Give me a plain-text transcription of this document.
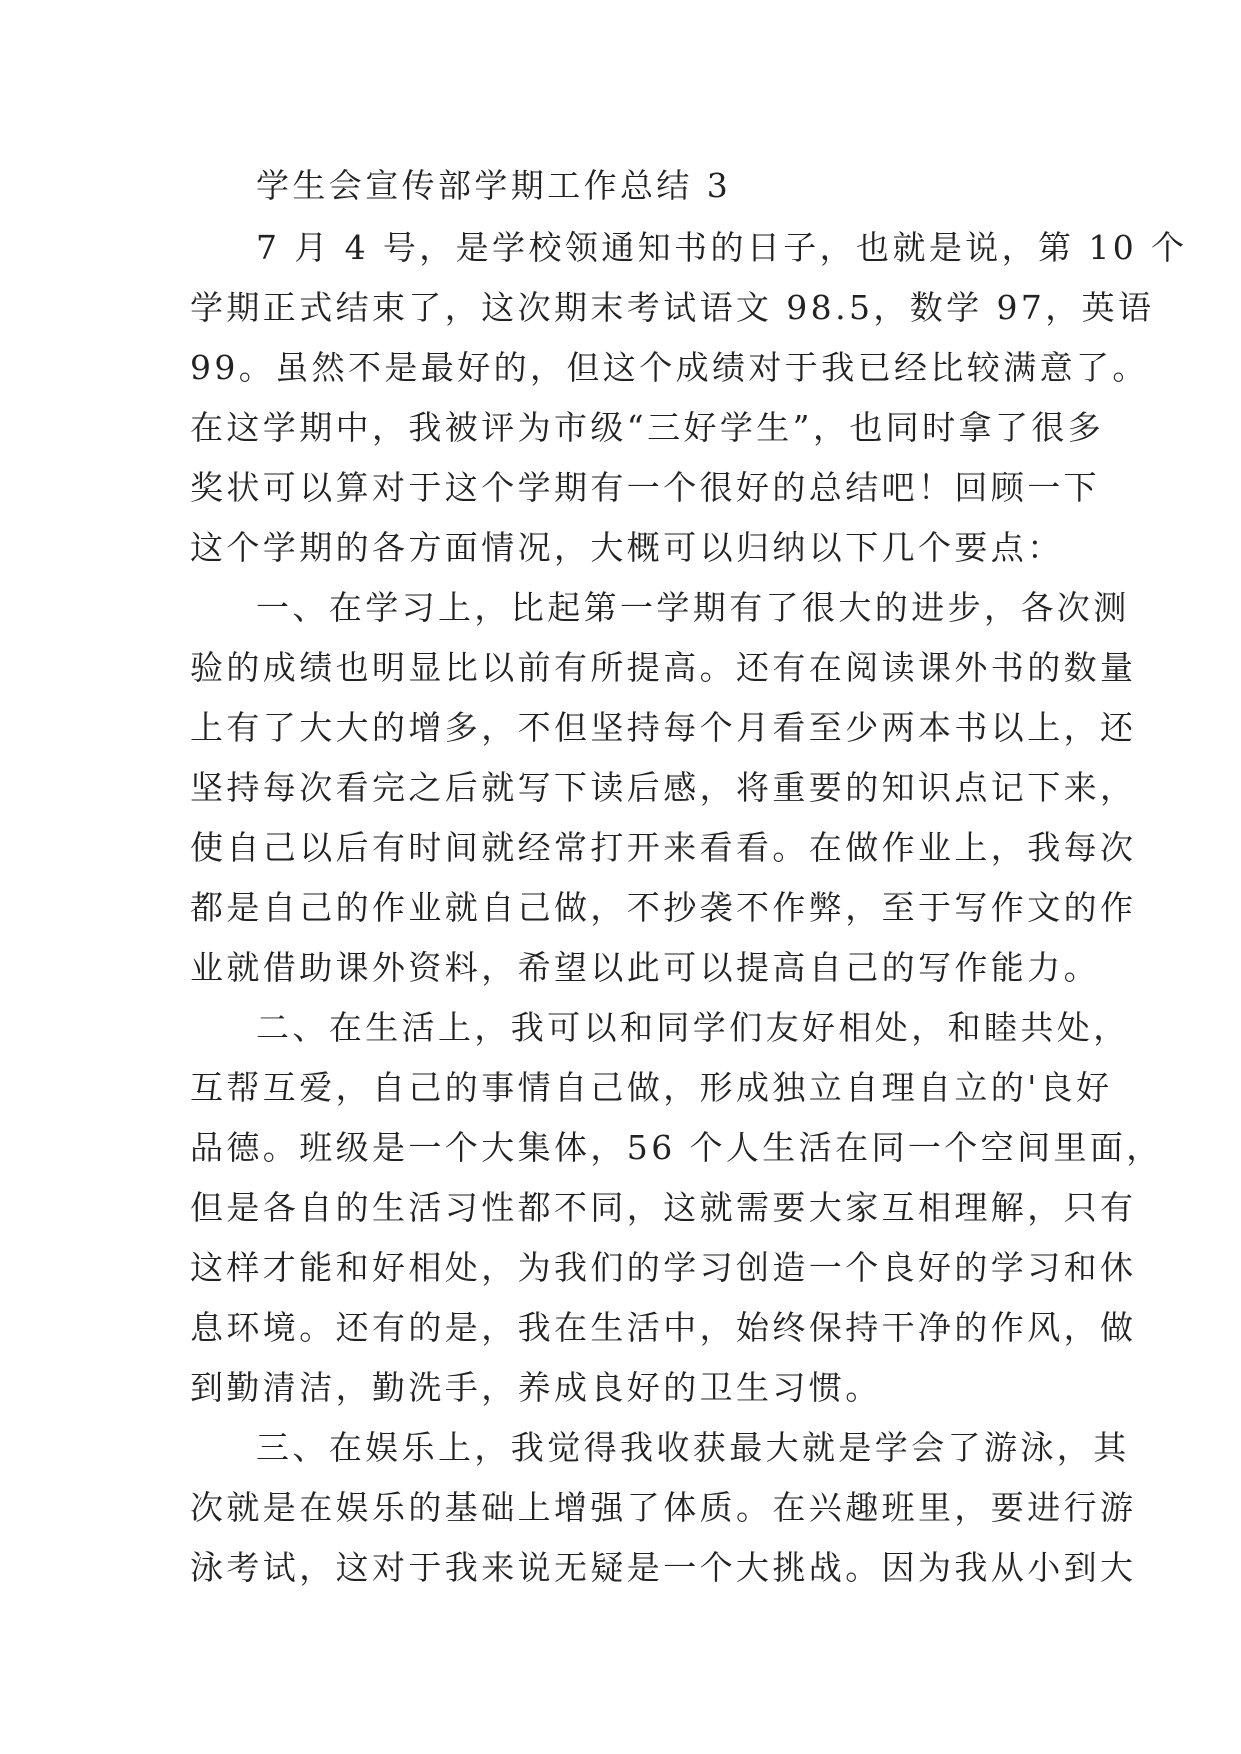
学生会宣传部学期工作总结 3

7 月 4 号，是学校领通知书的日子，也就是说，第 10 个

学期正式结束了，这次期末考试语文 98.5，数学 97，英语

99。虽然不是最好的，但这个成绩对于我已经比较满意了。

在这学期中，我被评为市级“三好学生”，也同时拿了很多

奖状可以算对于这个学期有一个很好的总结吧！回顾一下

这个学期的各方面情况，大概可以归纳以下几个要点：

一、在学习上，比起第一学期有了很大的进步，各次测

验的成绩也明显比以前有所提高。还有在阅读课外书的数量

上有了大大的增多，不但坚持每个月看至少两本书以上，还

坚持每次看完之后就写下读后感，将重要的知识点记下来，

使自己以后有时间就经常打开来看看。在做作业上，我每次

都是自己的作业就自己做，不抄袭不作弊，至于写作文的作

业就借助课外资料，希望以此可以提高自己的写作能力。

二、在生活上，我可以和同学们友好相处，和睦共处，

互帮互爱，自己的事情自己做，形成独立自理自立的'良好

品德。班级是一个大集体，56 个人生活在同一个空间里面，

但是各自的生活习性都不同，这就需要大家互相理解，只有

这样才能和好相处，为我们的学习创造一个良好的学习和休

息环境。还有的是，我在生活中，始终保持干净的作风，做

到勤清洁，勤洗手，养成良好的卫生习惯。

三、在娱乐上，我觉得我收获最大就是学会了游泳，其

次就是在娱乐的基础上增强了体质。在兴趣班里，要进行游

泳考试，这对于我来说无疑是一个大挑战。因为我从小到大
